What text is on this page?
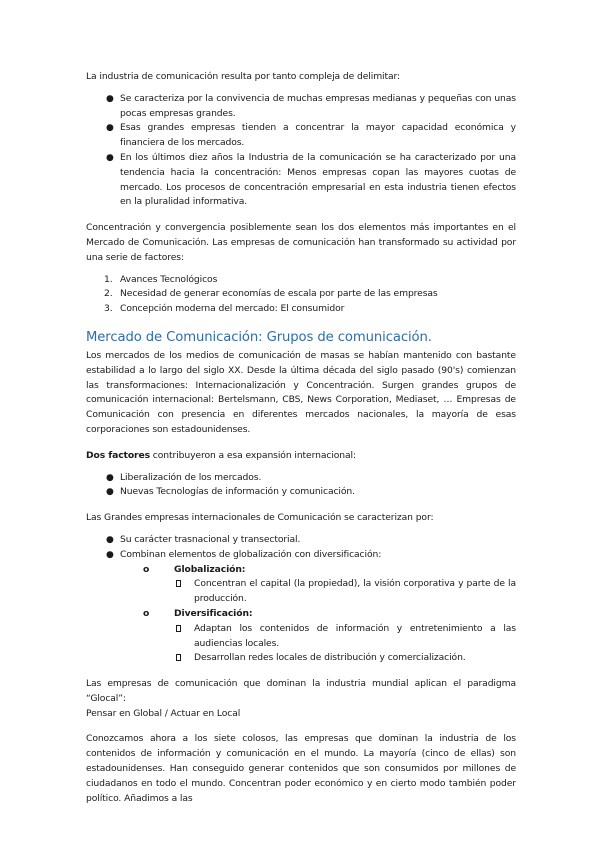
La industria de comunicación resulta por tanto compleja de delimitar:

● Se caracteriza por la convivencia de muchas empresas medianas y pequeñas con unas pocas empresas grandes.
● Esas grandes empresas tienden a concentrar la mayor capacidad económica y financiera de los mercados.
● En los últimos diez años la Industria de la comunicación se ha caracterizado por una tendencia hacia la concentración: Menos empresas copan las mayores cuotas de mercado. Los procesos de concentración empresarial en esta industria tienen efectos en la pluralidad informativa.

Concentración y convergencia posiblemente sean los dos elementos más importantes en el Mercado de Comunicación. Las empresas de comunicación han transformado su actividad por una serie de factores:

1. Avances Tecnológicos
2. Necesidad de generar economías de escala por parte de las empresas
3. Concepción moderna del mercado: El consumidor
Mercado de Comunicación: Grupos de comunicación.

Los mercados de los medios de comunicación de masas se habían mantenido con bastante estabilidad a lo largo del siglo XX. Desde la última década del siglo pasado (90's) comienzan las transformaciones: Internacionalización y Concentración. Surgen grandes grupos de comunicación internacional: Bertelsmann, CBS, News Corporation, Mediaset, … Empresas de Comunicación con presencia en diferentes mercados nacionales, la mayoría de esas corporaciones son estadounidenses.

Dos factores contribuyeron a esa expansión internacional:

● Liberalización de los mercados.
● Nuevas Tecnologías de información y comunicación.

Las Grandes empresas internacionales de Comunicación se caracterizan por:

● Su carácter trasnacional y transectorial.
● Combinan elementos de globalización con diversificación:
o	Globalización:
Concentran el capital (la propiedad), la visión corporativa y parte de la producción.
o	Diversificación:
Adaptan los contenidos de información y entretenimiento a las audiencias locales.
Desarrollan redes locales de distribución y comercialización.

Las empresas de comunicación que dominan la industria mundial aplican el paradigma “Glocal”:
Pensar en Global / Actuar en Local

Conozcamos ahora a los siete colosos, las empresas que dominan la industria de los contenidos de información y comunicación en el mundo. La mayoría (cinco de ellas) son estadounidenses. Han conseguido generar contenidos que son consumidos por millones de ciudadanos en todo el mundo. Concentran poder económico y en cierto modo también poder político. Añadimos a las
